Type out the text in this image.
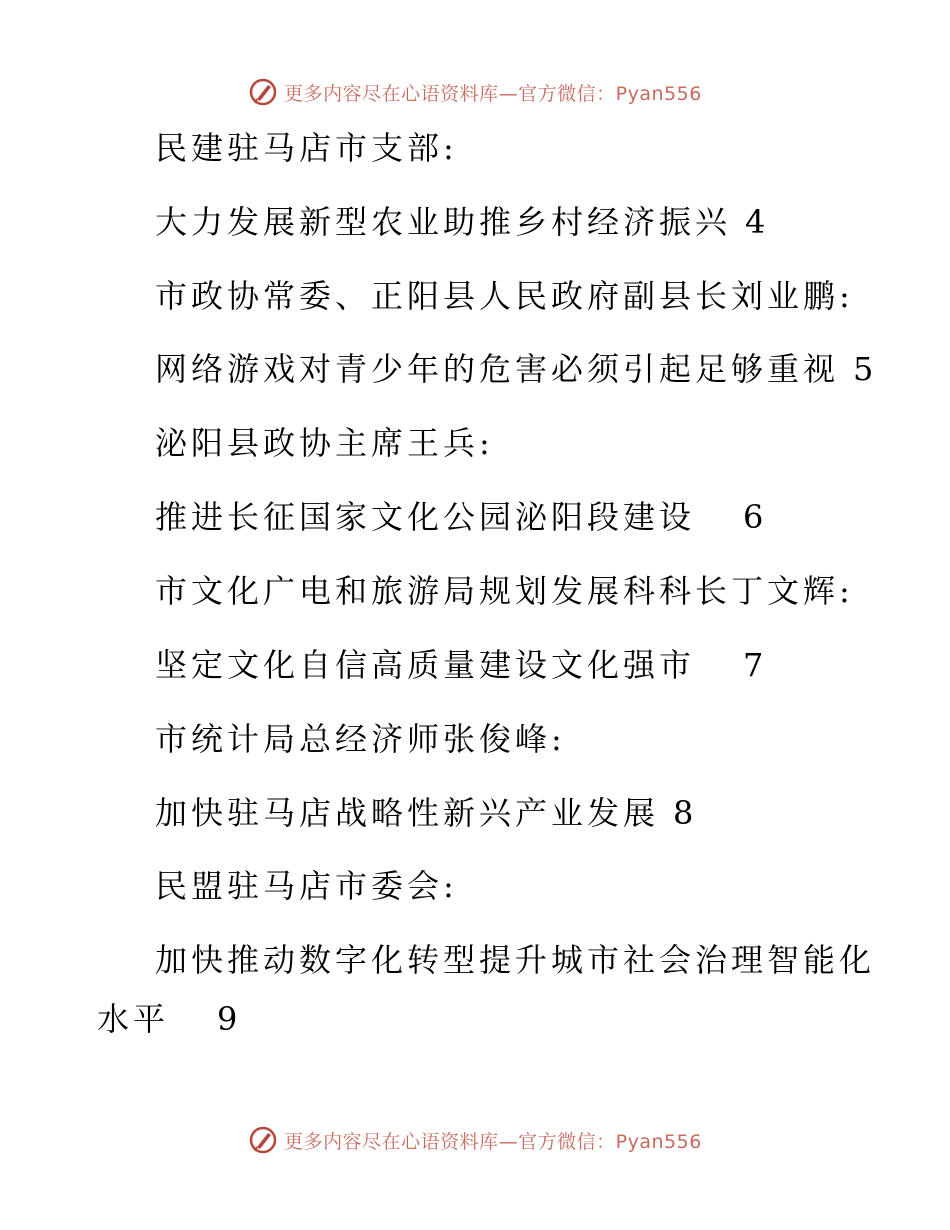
更多内容尽在心语资料库—官方微信：Pyan556
民建驻马店市支部:
大力发展新型农业助推乡村经济振兴 4
市政协常委、正阳县人民政府副县长刘业鹏:
网络游戏对青少年的危害必须引起足够重视 5
泌阳县政协主席王兵:
推进长征国家文化公园泌阳段建设 6
市文化广电和旅游局规划发展科科长丁文辉:
坚定文化自信高质量建设文化强市 7
市统计局总经济师张俊峰:
加快驻马店战略性新兴产业发展 8
民盟驻马店市委会:
加快推动数字化转型提升城市社会治理智能化
水平 9
更多内容尽在心语资料库—官方微信：Pyan556
